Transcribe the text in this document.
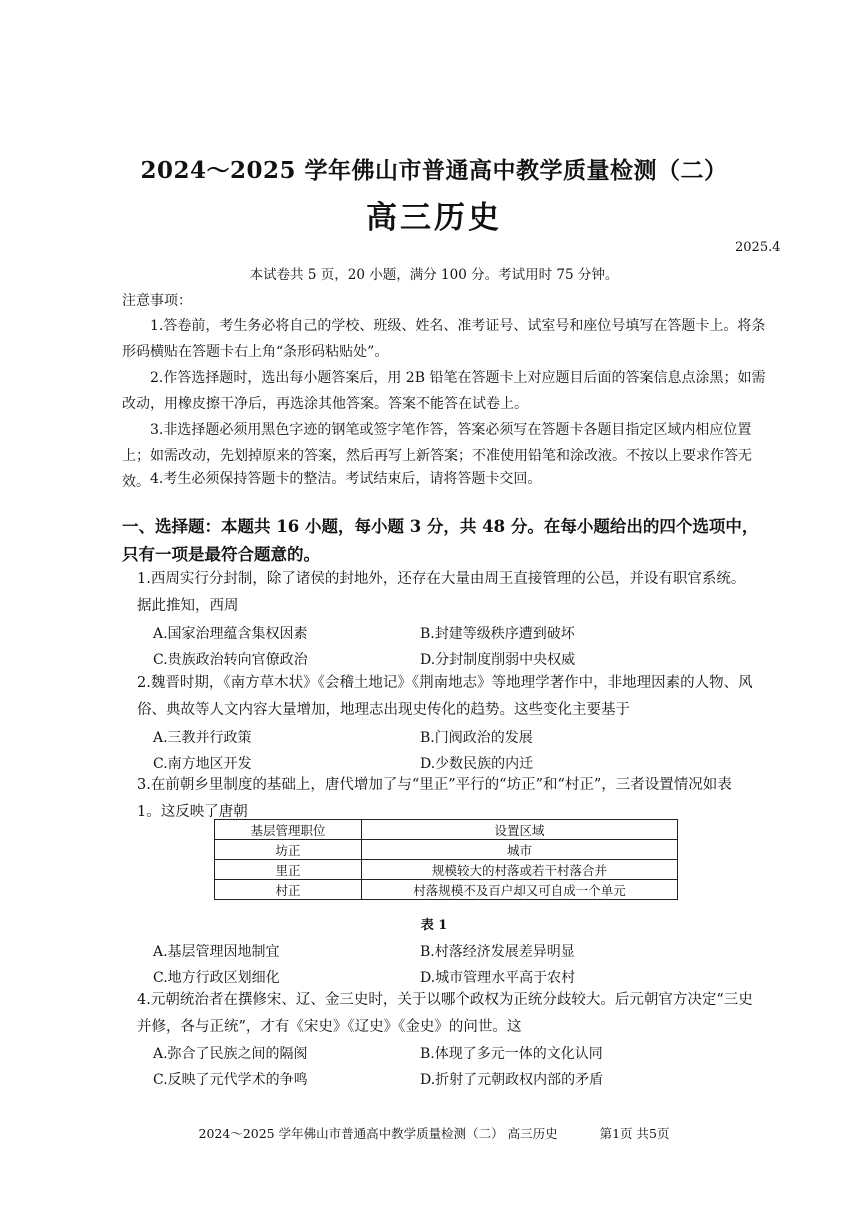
2024～2025 学年佛山市普通高中教学质量检测（二）
高三历史
2025.4
本试卷共 5 页，20 小题，满分 100 分。考试用时 75 分钟。
注意事项：
1.答卷前，考生务必将自己的学校、班级、姓名、准考证号、试室号和座位号填写在答题卡上。将条形码横贴在答题卡右上角“条形码粘贴处”。
2.作答选择题时，选出每小题答案后，用 2B 铅笔在答题卡上对应题目后面的答案信息点涂黑；如需改动，用橡皮擦干净后，再选涂其他答案。答案不能答在试卷上。
3.非选择题必须用黑色字迹的钢笔或签字笔作答，答案必须写在答题卡各题目指定区域内相应位置上；如需改动，先划掉原来的答案，然后再写上新答案；不准使用铅笔和涂改液。不按以上要求作答无效。 4.考生必须保持答题卡的整洁。考试结束后，请将答题卡交回。
一、选择题：本题共 16 小题，每小题 3 分，共 48 分。在每小题给出的四个选项中，只有一项是最符合题意的。
1.西周实行分封制，除了诸侯的封地外，还存在大量由周王直接管理的公邑，并设有职官系统。据此推知，西周
A.国家治理蕴含集权因素	B.封建等级秩序遭到破坏
C.贵族政治转向官僚政治	D.分封制度削弱中央权威
2.魏晋时期，《南方草木状》《会稽土地记》《荆南地志》等地理学著作中，非地理因素的人物、风俗、典故等人文内容大量增加，地理志出现史传化的趋势。这些变化主要基于
A.三教并行政策	B.门阀政治的发展
C.南方地区开发	D.少数民族的内迁
3.在前朝乡里制度的基础上，唐代增加了与“里正”平行的“坊正”和“村正”，三者设置情况如表 1。这反映了唐朝
基层管理职位	设置区域
坊正	城市
里正	规模较大的村落或若干村落合并
村正	村落规模不及百户却又可自成一个单元
表 1
A.基层管理因地制宜	B.村落经济发展差异明显
C.地方行政区划细化	D.城市管理水平高于农村
4.元朝统治者在撰修宋、辽、金三史时，关于以哪个政权为正统分歧较大。后元朝官方决定“三史并修，各与正统”，才有《宋史》《辽史》《金史》的问世。这
A.弥合了民族之间的隔阂	B.体现了多元一体的文化认同
C.反映了元代学术的争鸣	D.折射了元朝政权内部的矛盾
2024～2025 学年佛山市普通高中教学质量检测（二） 高三历史	第1页 共5页
